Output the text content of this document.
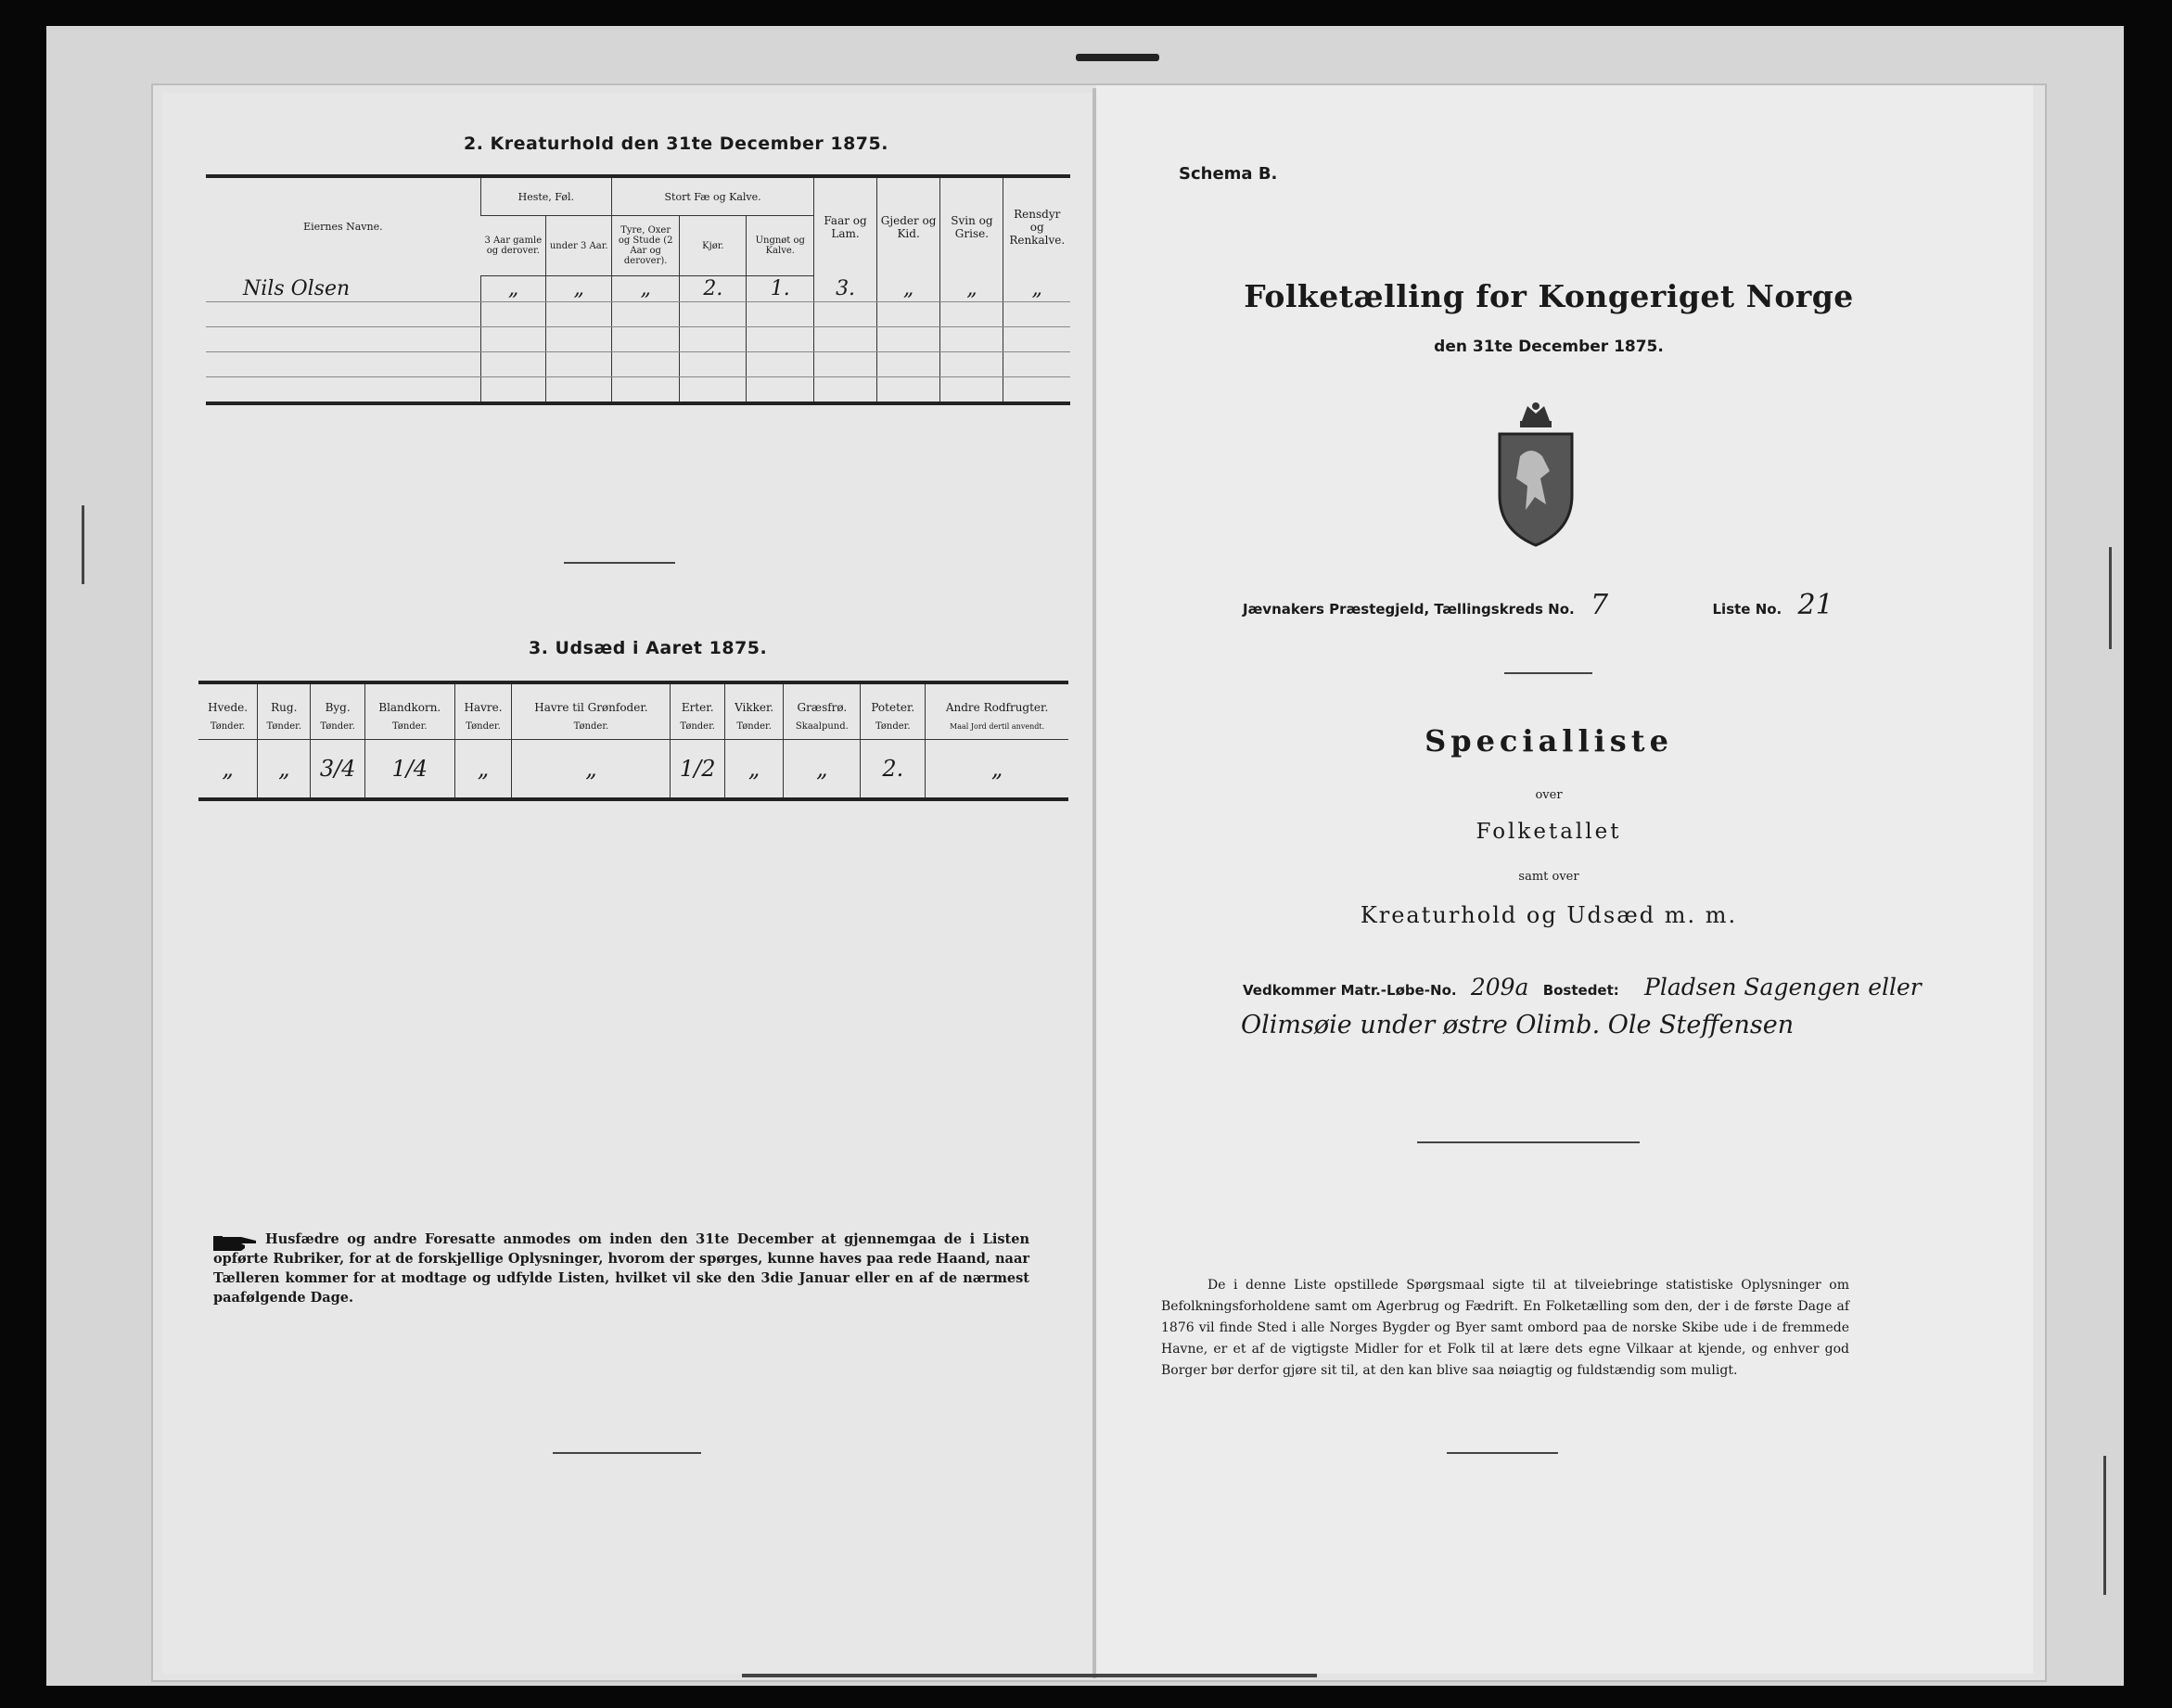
2. Kreaturhold den 31te December 1875.
Eiernes Navne.	Heste, Føl.		Stort Fæ og Kalve.			Faar og Lam.	Gjeder og Kid.	Svin og Grise.	Rensdyr og Renkalve.
	3 Aar gamle og derover.	under 3 Aar.	Tyre, Oxer og Stude (2 Aar og derover).	Kjør.	Ungnøt og Kalve.				
Nils Olsen	„	„	„	2.	1.	3.	„	„	„

3. Udsæd i Aaret 1875.
Hvede.	Rug.	Byg.	Blandkorn.	Havre.	Havre til Grønfoder.	Erter.	Vikker.	Græsfrø.	Poteter.	Andre Rodfrugter.
Tønder.	Tønder.	Tønder.	Tønder.	Tønder.	Tønder.	Tønder.	Tønder.	Skaalpund.	Tønder.	Maal Jord dertil anvendt.
„	„	3/4	1/4	„	„	1/2	„	„	2.	„
Husfædre og andre Foresatte anmodes om inden den 31te December at gjennemgaa de i Listen opførte Rubriker, for at de forskjellige Oplysninger, hvorom der spørges, kunne haves paa rede Haand, naar Tælleren kommer for at modtage og udfylde Listen, hvilket vil ske den 3die Januar eller en af de nærmest paafølgende Dage.
Schema B.
Folketælling for Kongeriget Norge
den 31te December 1875.
Jævnakers Præstegjeld, Tællingskreds No. 7	Liste No. 21
Specialliste
over
Folketallet
samt over
Kreaturhold og Udsæd m. m.
Vedkommer Matr.-Løbe-No. 209a Bostedet: Pladsen Sagengen eller
Olimsøie under østre Olimb. Ole Steffensen
De i denne Liste opstillede Spørgsmaal sigte til at tilveiebringe statistiske Oplysninger om Befolkningsforholdene samt om Agerbrug og Fædrift. En Folketælling som den, der i de første Dage af 1876 vil finde Sted i alle Norges Bygder og Byer samt ombord paa de norske Skibe ude i de fremmede Havne, er et af de vigtigste Midler for et Folk til at lære dets egne Vilkaar at kjende, og enhver god Borger bør derfor gjøre sit til, at den kan blive saa nøiagtig og fuldstændig som muligt.
